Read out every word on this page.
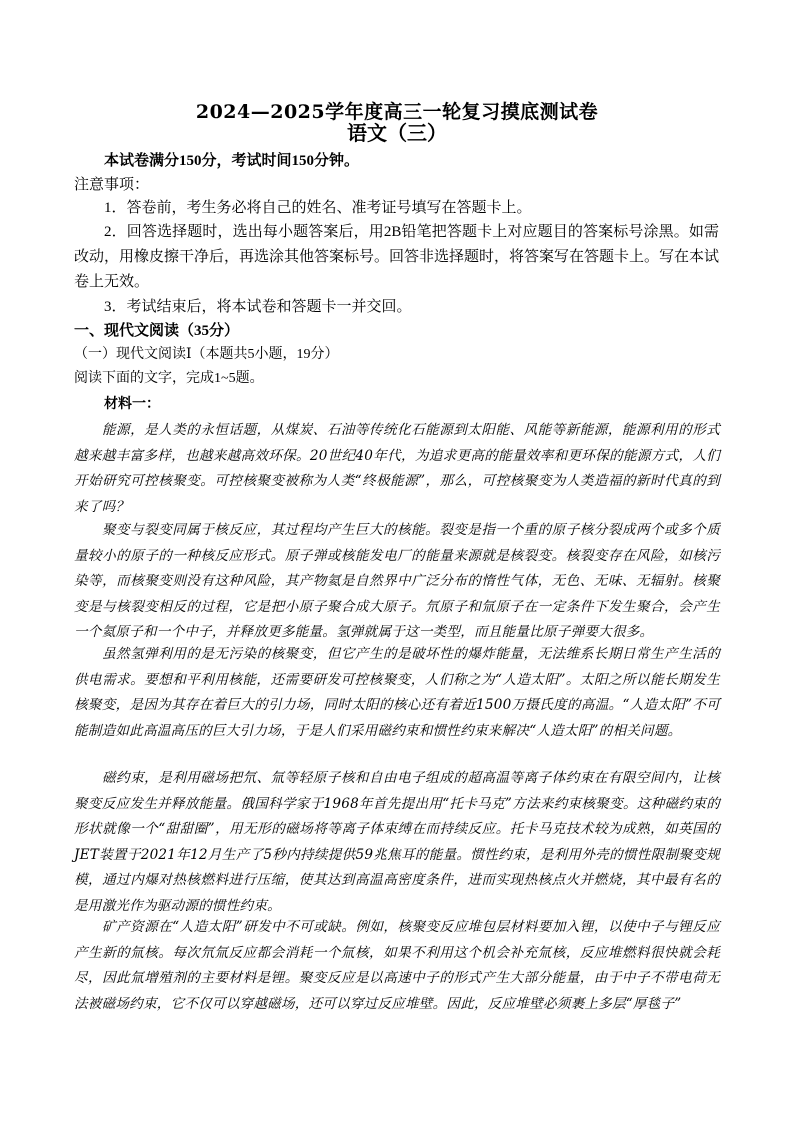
2024—2025学年度高三一轮复习摸底测试卷
语文（三）
本试卷满分150分，考试时间150分钟。
注意事项：
1．答卷前，考生务必将自己的姓名、准考证号填写在答题卡上。
2．回答选择题时，选出每小题答案后，用2B铅笔把答题卡上对应题目的答案标号涂黑。如需改动，用橡皮擦干净后，再选涂其他答案标号。回答非选择题时，将答案写在答题卡上。写在本试卷上无效。
3．考试结束后，将本试卷和答题卡一并交回。
一、现代文阅读（35分）
（一）现代文阅读Ⅰ（本题共5小题，19分）
阅读下面的文字，完成1~5题。
材料一：
能源，是人类的永恒话题，从煤炭、石油等传统化石能源到太阳能、风能等新能源，能源利用的形式越来越丰富多样，也越来越高效环保。20世纪40年代，为追求更高的能量效率和更环保的能源方式，人们开始研究可控核聚变。可控核聚变被称为人类“终极能源”，那么，可控核聚变为人类造福的新时代真的到来了吗？
聚变与裂变同属于核反应，其过程均产生巨大的核能。裂变是指一个重的原子核分裂成两个或多个质量较小的原子的一种核反应形式。原子弹或核能发电厂的能量来源就是核裂变。核裂变存在风险，如核污染等，而核聚变则没有这种风险，其产物氦是自然界中广泛分布的惰性气体，无色、无味、无辐射。核聚变是与核裂变相反的过程，它是把小原子聚合成大原子。氘原子和氚原子在一定条件下发生聚合，会产生一个氦原子和一个中子，并释放更多能量。氢弹就属于这一类型，而且能量比原子弹要大很多。
虽然氢弹利用的是无污染的核聚变，但它产生的是破坏性的爆炸能量，无法维系长期日常生产生活的供电需求。要想和平利用核能，还需要研发可控核聚变，人们称之为“人造太阳”。太阳之所以能长期发生核聚变，是因为其存在着巨大的引力场，同时太阳的核心还有着近1500万摄氏度的高温。“人造太阳”不可能制造如此高温高压的巨大引力场，于是人们采用磁约束和惯性约束来解决“人造太阳”的相关问题。
磁约束，是利用磁场把氘、氚等轻原子核和自由电子组成的超高温等离子体约束在有限空间内，让核聚变反应发生并释放能量。俄国科学家于1968年首先提出用“托卡马克”方法来约束核聚变。这种磁约束的形状就像一个“甜甜圈”，用无形的磁场将等离子体束缚在而持续反应。托卡马克技术较为成熟，如英国的JET装置于2021年12月生产了5秒内持续提供59兆焦耳的能量。惯性约束，是利用外壳的惯性限制聚变规模，通过内爆对热核燃料进行压缩，使其达到高温高密度条件，进而实现热核点火并燃烧，其中最有名的是用激光作为驱动源的惯性约束。
矿产资源在“人造太阳”研发中不可或缺。例如，核聚变反应堆包层材料要加入锂，以使中子与锂反应产生新的氚核。每次氘氚反应都会消耗一个氚核，如果不利用这个机会补充氚核，反应堆燃料很快就会耗尽，因此氚增殖剂的主要材料是锂。聚变反应是以高速中子的形式产生大部分能量，由于中子不带电荷无法被磁场约束，它不仅可以穿越磁场，还可以穿过反应堆壁。因此，反应堆壁必须裹上多层“厚毯子”
